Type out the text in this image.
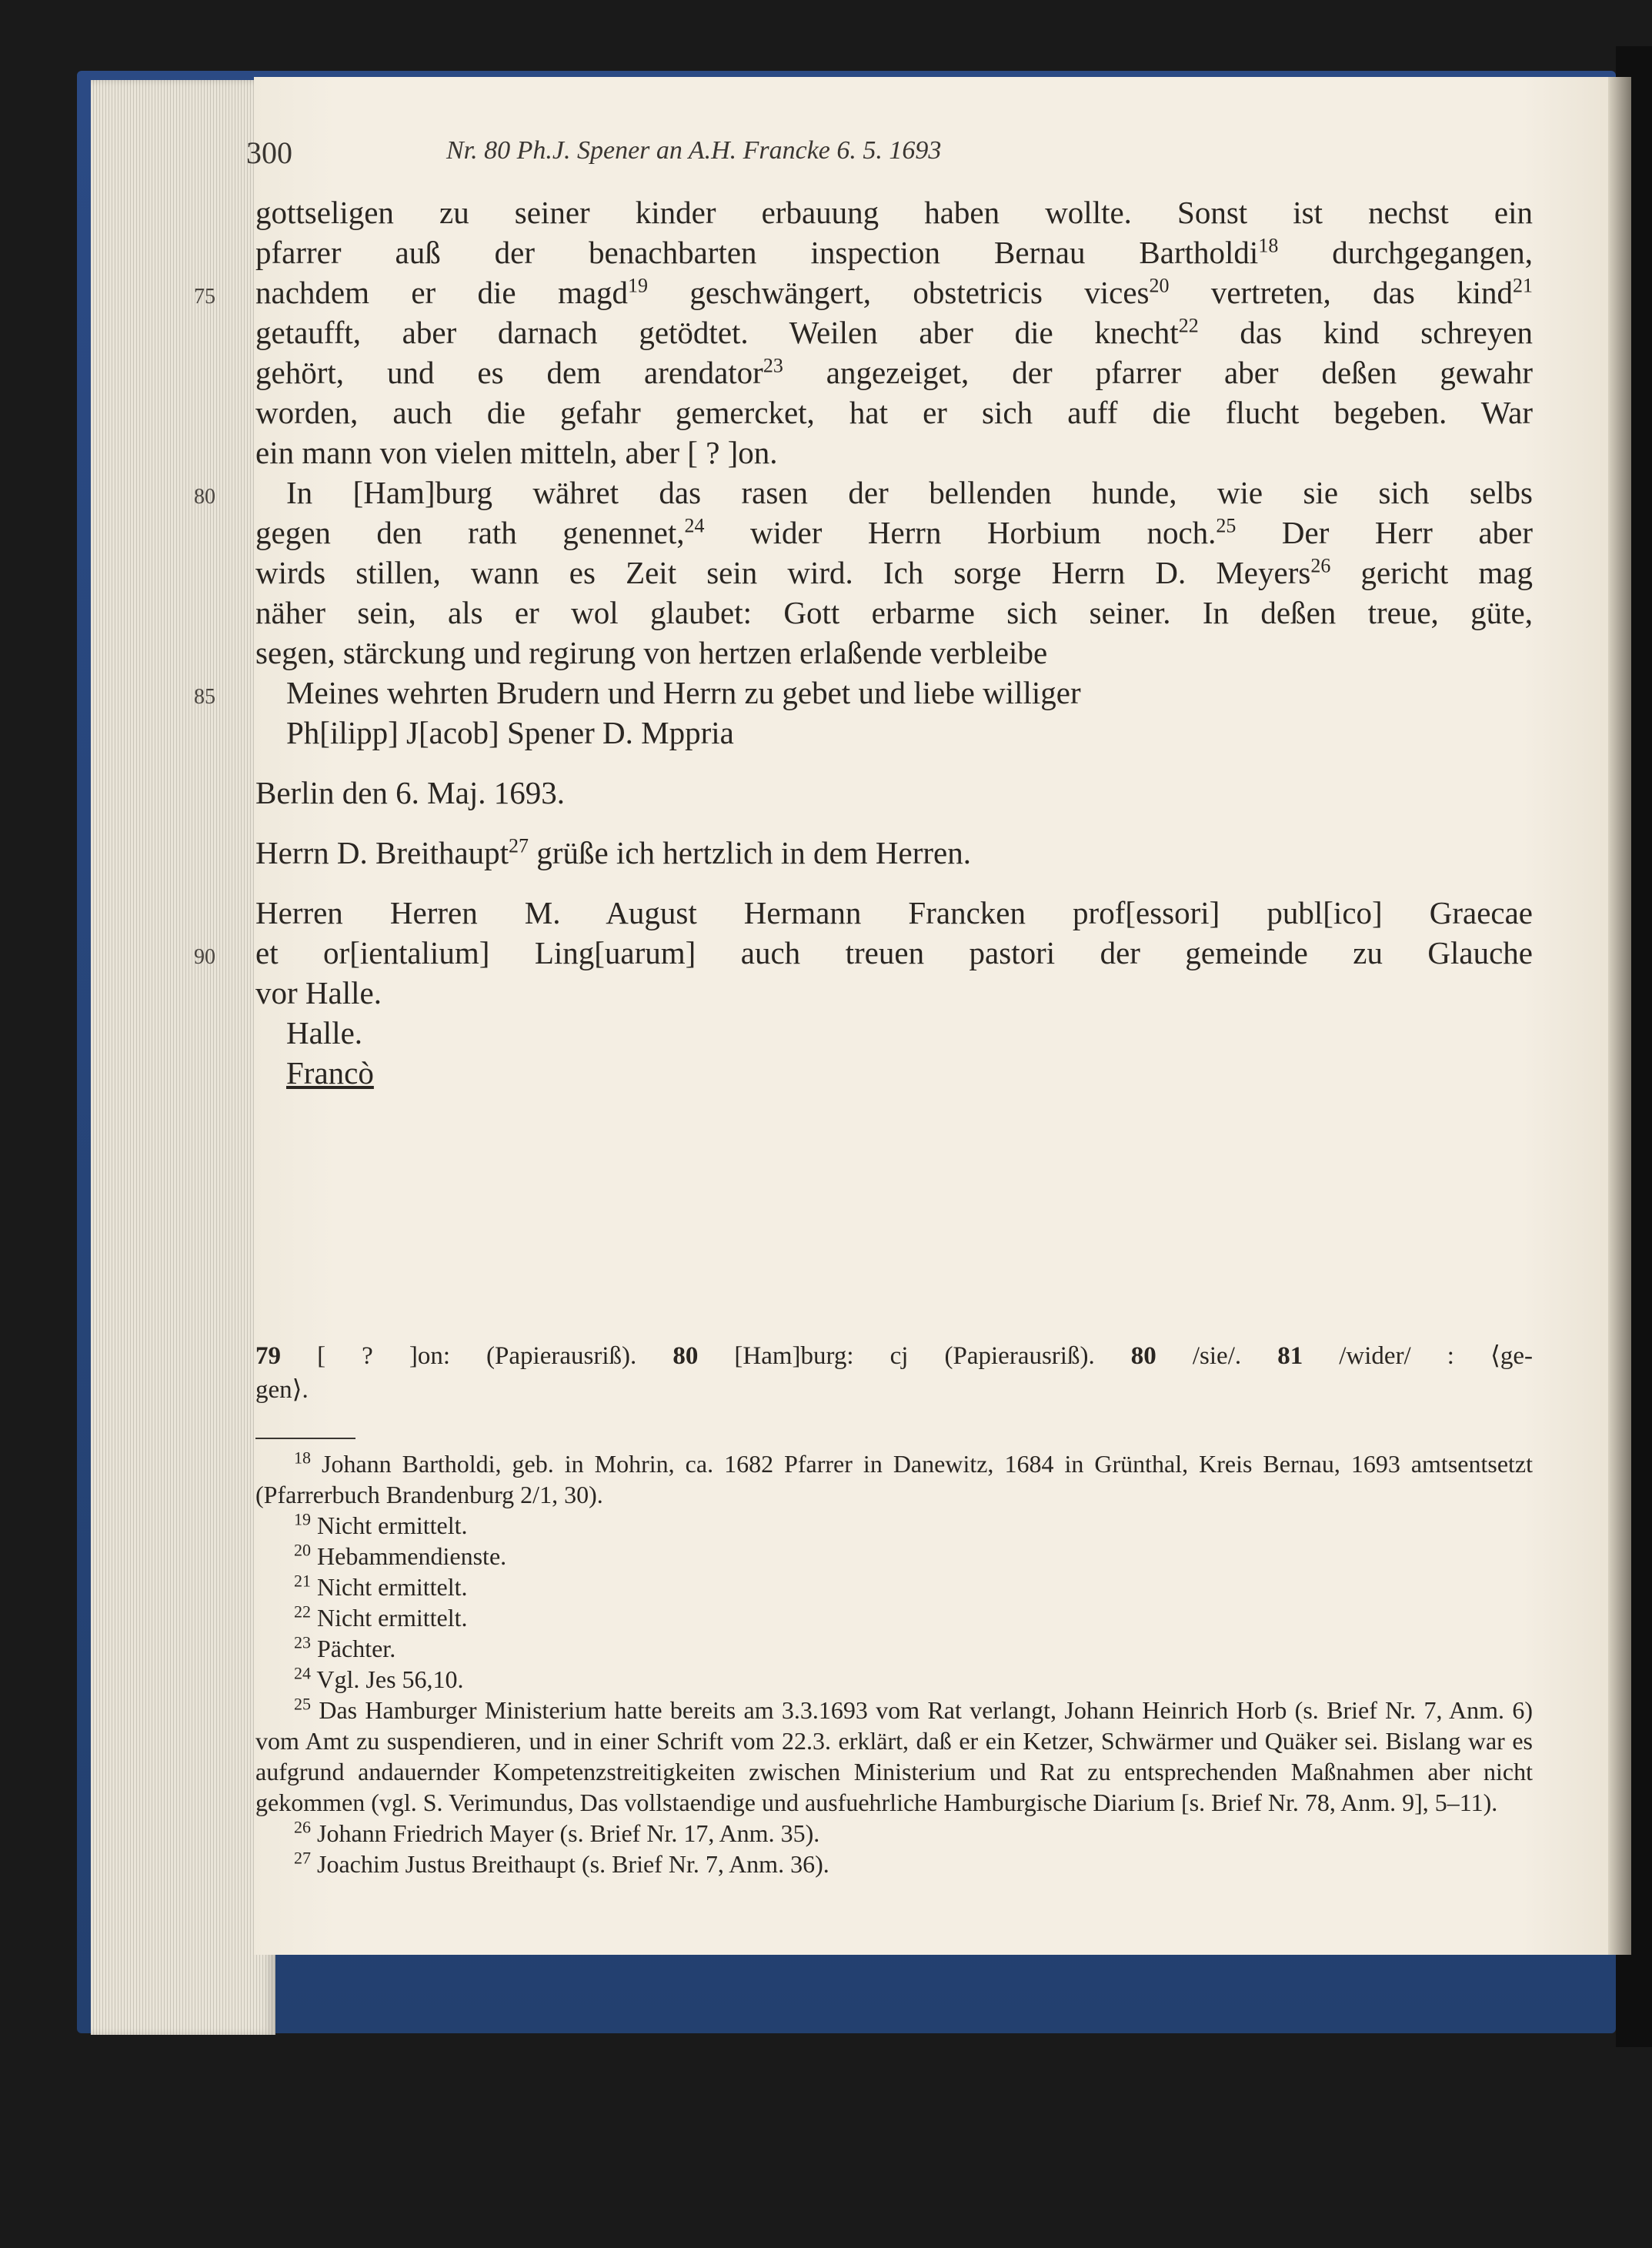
300	Nr. 80 Ph.J. Spener an A.H. Francke 6. 5. 1693
gottseligen zu seiner kinder erbauung haben wollte. Sonst ist nechst ein
pfarrer auß der benachbarten inspection Bernau Bartholdi$^{18}$ durchgegangen,
75	nachdem er die magd$^{19}$ geschwängert, obstetricis vices$^{20}$ vertreten, das kind$^{21}$
getaufft, aber darnach getödtet. Weilen aber die knecht$^{22}$ das kind schreyen
gehört, und es dem arendator$^{23}$ angezeiget, der pfarrer aber deßen gewahr
worden, auch die gefahr gemercket, hat er sich auff die flucht begeben. War
ein mann von vielen mitteln, aber [ ? ]on.
80	In [Ham]burg währet das rasen der bellenden hunde, wie sie sich selbs
gegen den rath genennet,$^{24}$ wider Herrn Horbium noch.$^{25}$ Der Herr aber
wirds stillen, wann es Zeit sein wird. Ich sorge Herrn D. Meyers$^{26}$ gericht mag
näher sein, als er wol glaubet: Gott erbarme sich seiner. In deßen treue, güte,
segen, stärckung und regirung von hertzen erlaßende verbleibe
85	Meines wehrten Brudern und Herrn zu gebet und liebe williger
Ph[ilipp] J[acob] Spener D. Mppria
Berlin den 6. Maj. 1693.
Herrn D. Breithaupt$^{27}$ grüße ich hertzlich in dem Herren.
Herren Herren M. August Hermann Francken prof[essori] publ[ico] Graecae
90	et or[ientalium] Ling[uarum] auch treuen pastori der gemeinde zu Glauche
vor Halle.
Halle.
Francò
79 [ ? ]on: (Papierausriß). 80 [Ham]burg: cj (Papierausriß). 80 /sie/. 81 /wider/ : ⟨ge-
gen⟩.
$^{18}$ Johann Bartholdi, geb. in Mohrin, ca. 1682 Pfarrer in Danewitz, 1684 in Grünthal, Kreis Bernau, 1693 amtsentsetzt (Pfarrerbuch Brandenburg 2/1, 30).
$^{19}$ Nicht ermittelt.
$^{20}$ Hebammendienste.
$^{21}$ Nicht ermittelt.
$^{22}$ Nicht ermittelt.
$^{23}$ Pächter.
$^{24}$ Vgl. Jes 56,10.
$^{25}$ Das Hamburger Ministerium hatte bereits am 3.3.1693 vom Rat verlangt, Johann Heinrich Horb (s. Brief Nr. 7, Anm. 6) vom Amt zu suspendieren, und in einer Schrift vom 22.3. erklärt, daß er ein Ketzer, Schwärmer und Quäker sei. Bislang war es aufgrund andauernder Kompetenzstreitigkeiten zwischen Ministerium und Rat zu entsprechenden Maßnahmen aber nicht gekommen (vgl. S. Verimundus, Das vollstaendige und ausfuehrliche Hamburgische Diarium [s. Brief Nr. 78, Anm. 9], 5–11).
$^{26}$ Johann Friedrich Mayer (s. Brief Nr. 17, Anm. 35).
$^{27}$ Joachim Justus Breithaupt (s. Brief Nr. 7, Anm. 36).
